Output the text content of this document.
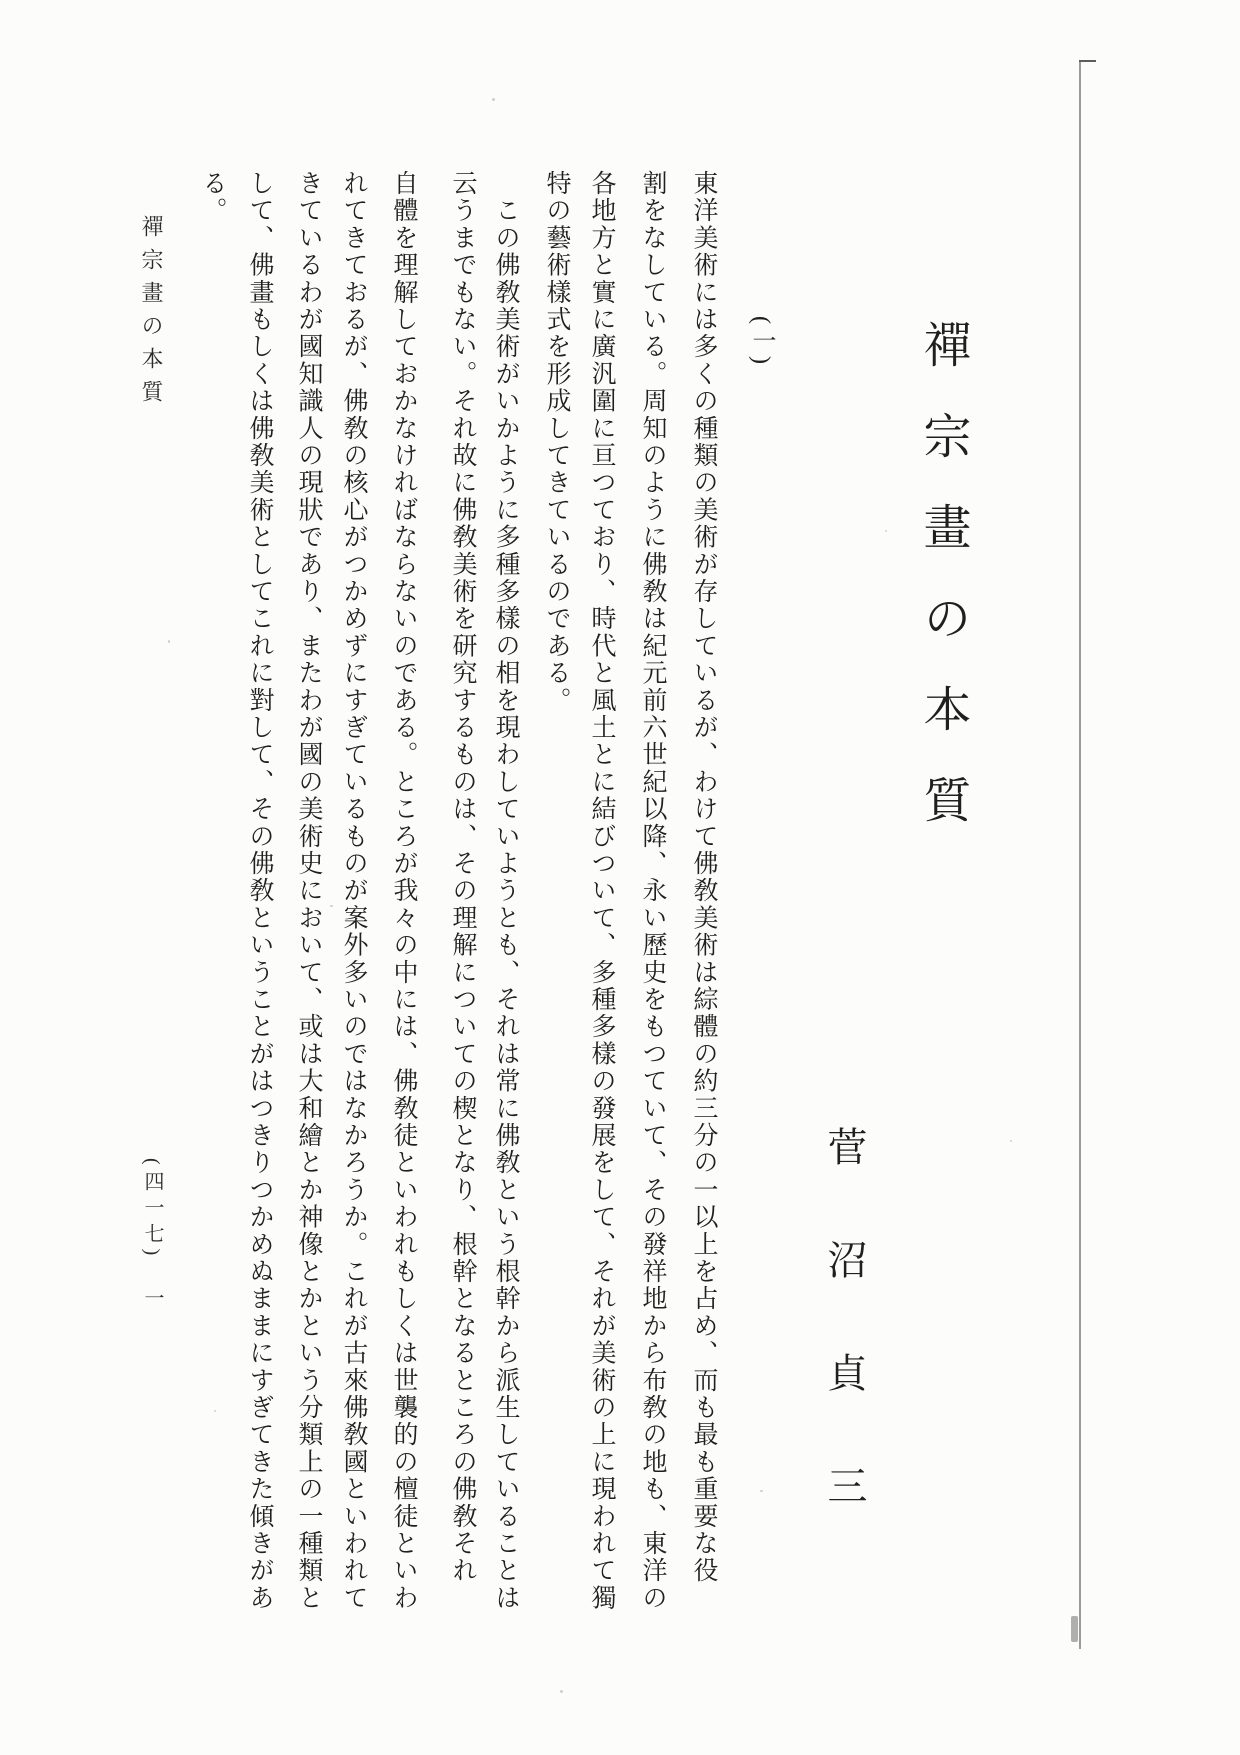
禪宗畫の本質
(一)
菅沼貞三
東洋美術には多くの種類の美術が存しているが、わけて佛敎美術は綜體の約三分の一以上を占め、而も最も重要な役
割をなしている。周知のように佛敎は紀元前六世紀以降、永い歷史をもつていて、その發祥地から布敎の地も、東洋の
各地方と實に廣汎圍に亘つており、時代と風土とに結びついて、多種多樣の發展をして、それが美術の上に現われて獨
特の藝術樣式を形成してきているのである。
　この佛敎美術がいかように多種多樣の相を現わしていようとも、それは常に佛敎という根幹から派生していることは
云うまでもない。それ故に佛敎美術を研究するものは、その理解についての楔となり、根幹となるところの佛敎それ
自體を理解しておかなければならないのである。ところが我々の中には、佛敎徒といわれもしくは世襲的の檀徒といわ
れてきておるが、佛敎の核心がつかめずにすぎているものが案外多いのではなかろうか。これが古來佛敎國といわれて
きているわが國知識人の現狀であり、またわが國の美術史において、或は大和繪とか神像とかという分類上の一種類と
して、佛畫もしくは佛敎美術としてこれに對して、その佛敎ということがはつきりつかめぬままにすぎてきた傾きがあ
る。
禪宗畫の本質
(四一七)　一
